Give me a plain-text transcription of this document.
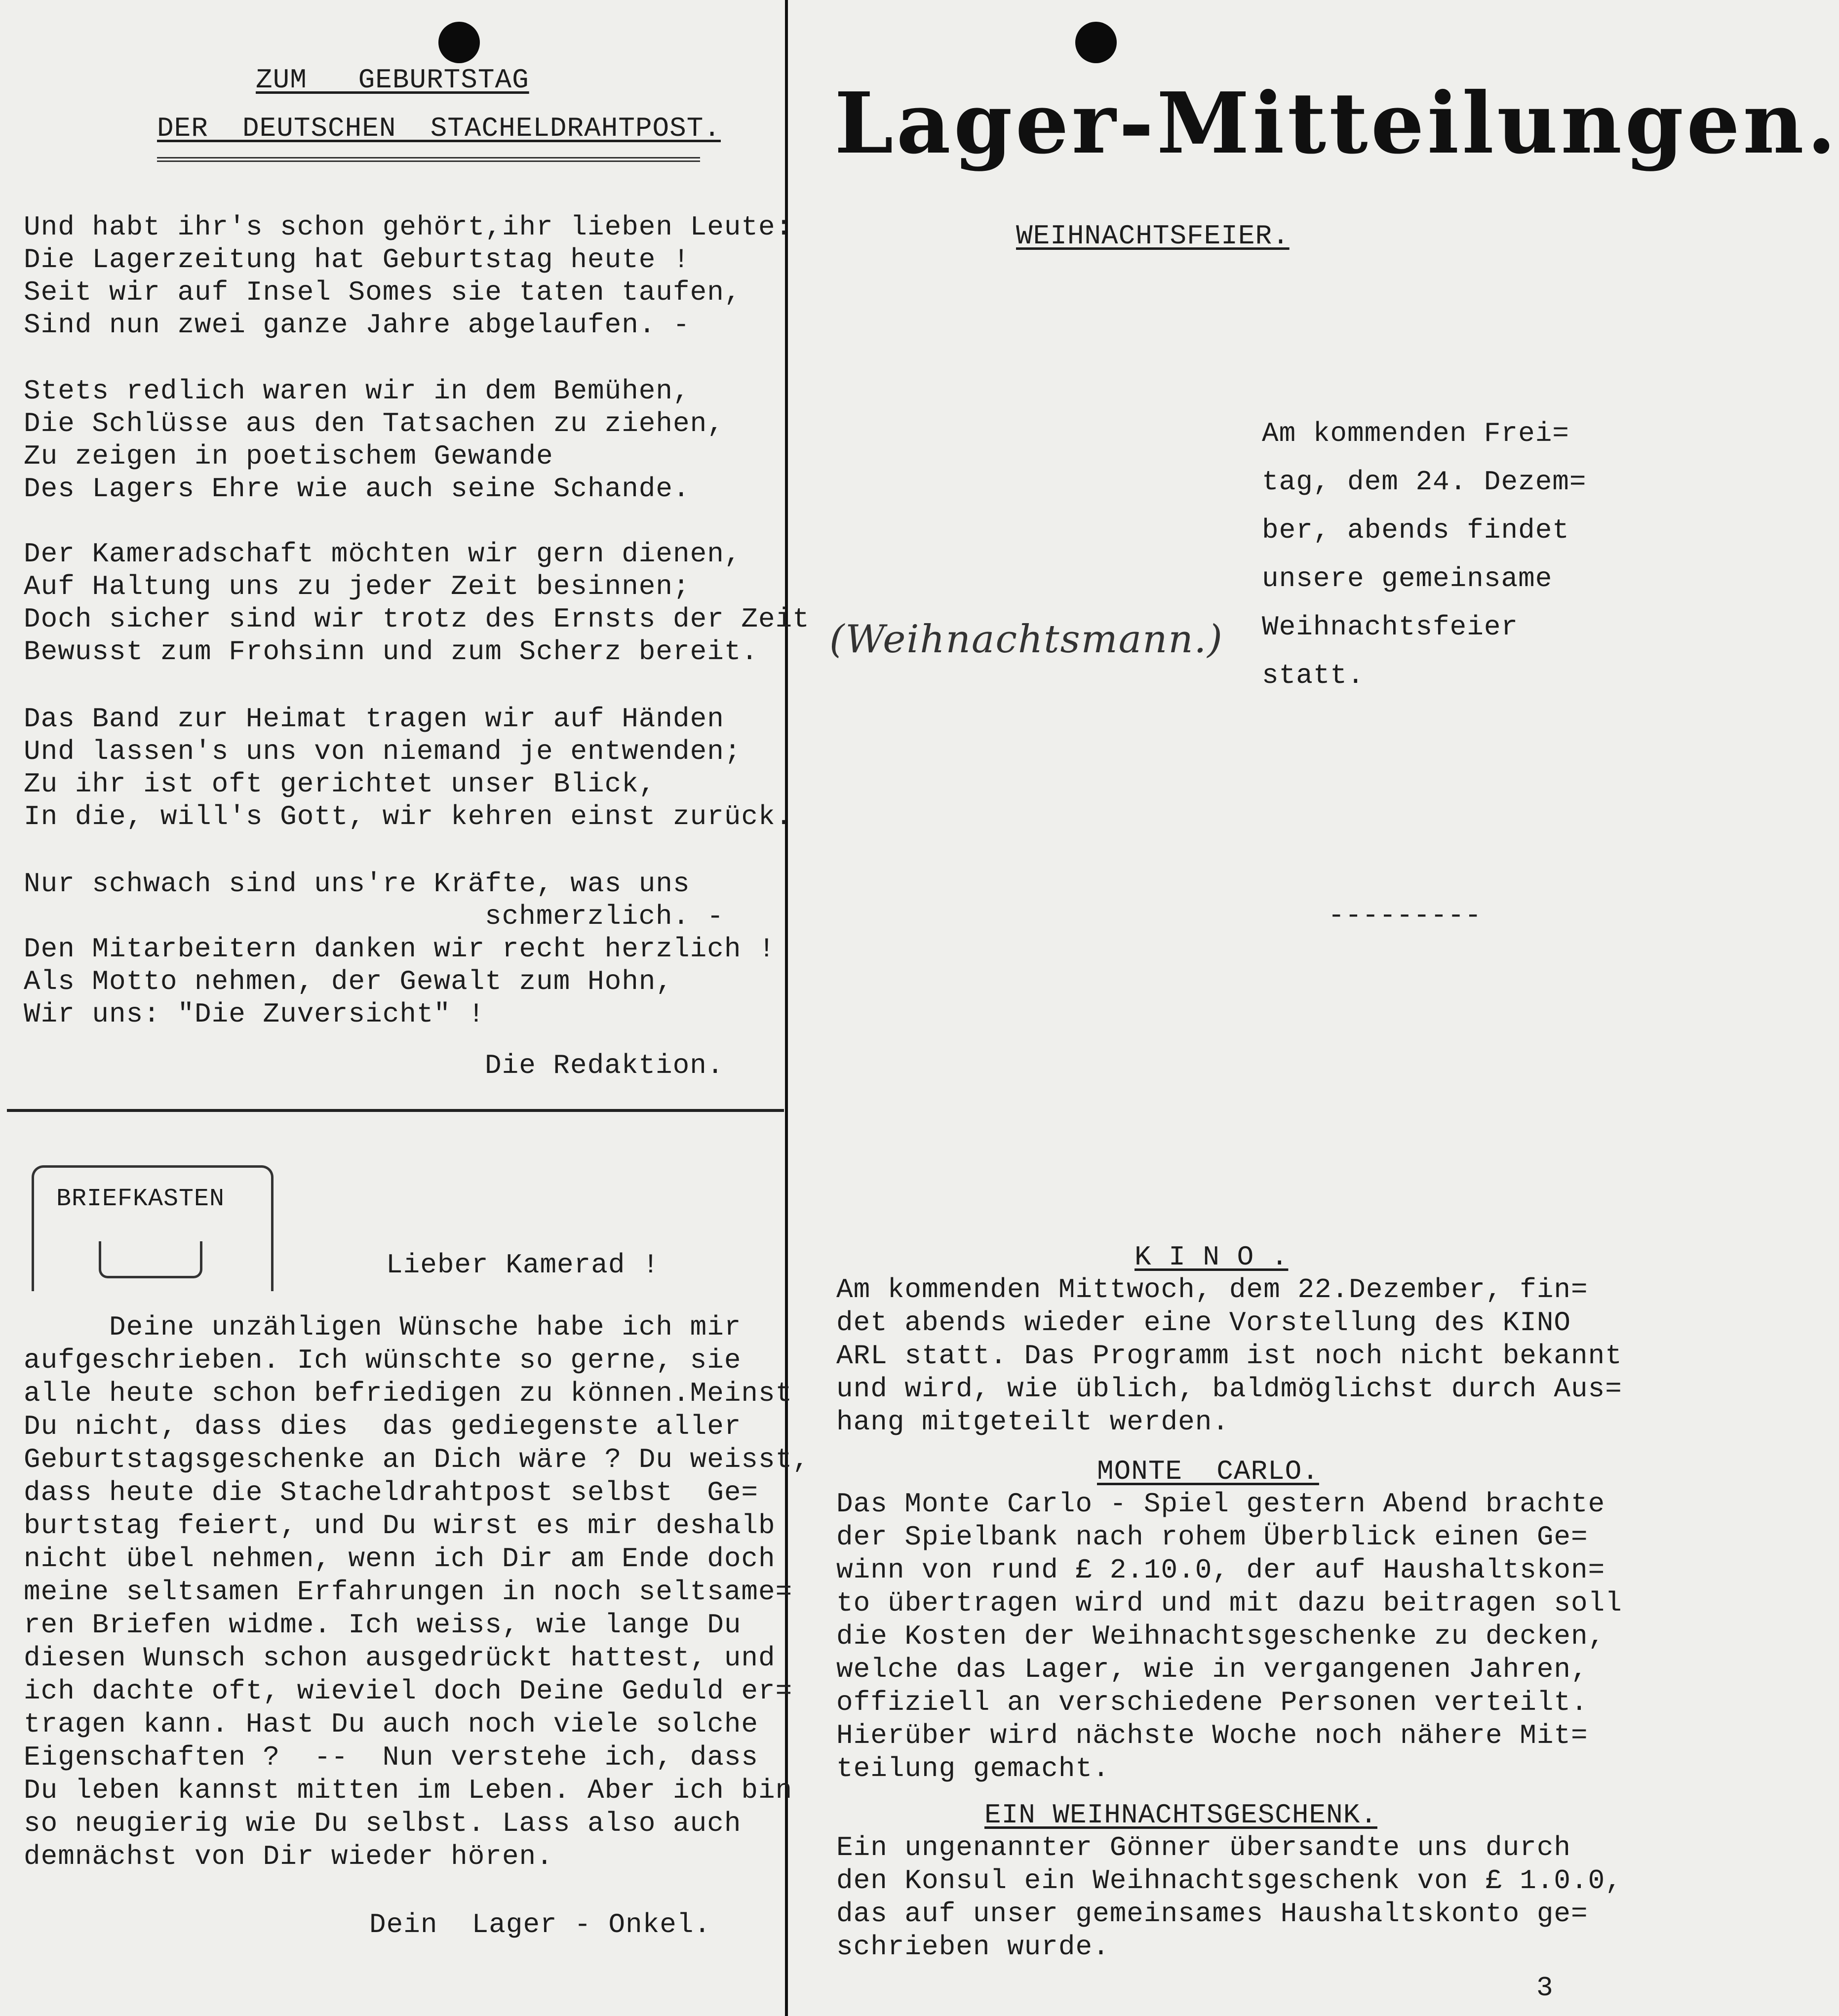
ZUM   GEBURTSTAG
DER  DEUTSCHEN  STACHELDRAHTPOST.
Und habt ihr's schon gehört,ihr lieben Leute:
Die Lagerzeitung hat Geburtstag heute !
Seit wir auf Insel Somes sie taten taufen,
Sind nun zwei ganze Jahre abgelaufen. -
Stets redlich waren wir in dem Bemühen,
Die Schlüsse aus den Tatsachen zu ziehen,
Zu zeigen in poetischem Gewande
Des Lagers Ehre wie auch seine Schande.
Der Kameradschaft möchten wir gern dienen,
Auf Haltung uns zu jeder Zeit besinnen;
Doch sicher sind wir trotz des Ernsts der Zeit
Bewusst zum Frohsinn und zum Scherz bereit.
Das Band zur Heimat tragen wir auf Händen
Und lassen's uns von niemand je entwenden;
Zu ihr ist oft gerichtet unser Blick,
In die, will's Gott, wir kehren einst zurück.
Nur schwach sind uns're Kräfte, was uns
schmerzlich. -
Den Mitarbeitern danken wir recht herzlich !
Als Motto nehmen, der Gewalt zum Hohn,
Wir uns: "Die Zuversicht" !
Die Redaktion.
BRIEFKASTEN
Lieber Kamerad !
Deine unzähligen Wünsche habe ich mir
aufgeschrieben. Ich wünschte so gerne, sie
alle heute schon befriedigen zu können.Meinst
Du nicht, dass dies  das gediegenste aller
Geburtstagsgeschenke an Dich wäre ? Du weisst,
dass heute die Stacheldrahtpost selbst  Ge=
burtstag feiert, und Du wirst es mir deshalb
nicht übel nehmen, wenn ich Dir am Ende doch
meine seltsamen Erfahrungen in noch seltsame=
ren Briefen widme. Ich weiss, wie lange Du
diesen Wunsch schon ausgedrückt hattest, und
ich dachte oft, wieviel doch Deine Geduld er=
tragen kann. Hast Du auch noch viele solche
Eigenschaften ?  --  Nun verstehe ich, dass
Du leben kannst mitten im Leben. Aber ich bin
so neugierig wie Du selbst. Lass also auch
demnächst von Dir wieder hören.
Dein  Lager - Onkel.
Lager-Mitteilungen.
WEIHNACHTSFEIER.
Am kommenden Frei=
tag, dem 24. Dezem=
ber, abends findet
unsere gemeinsame
Weihnachtsfeier
statt.
(Weihnachtsmann.)
---------
K I N O .
Am kommenden Mittwoch, dem 22.Dezember, fin=
det abends wieder eine Vorstellung des KINO
ARL statt. Das Programm ist noch nicht bekannt
und wird, wie üblich, baldmöglichst durch Aus=
hang mitgeteilt werden.
MONTE  CARLO.
Das Monte Carlo - Spiel gestern Abend brachte
der Spielbank nach rohem Überblick einen Ge=
winn von rund £ 2.10.0, der auf Haushaltskon=
to übertragen wird und mit dazu beitragen soll
die Kosten der Weihnachtsgeschenke zu decken,
welche das Lager, wie in vergangenen Jahren,
offiziell an verschiedene Personen verteilt.
Hierüber wird nächste Woche noch nähere Mit=
teilung gemacht.
EIN WEIHNACHTSGESCHENK.
Ein ungenannter Gönner übersandte uns durch
den Konsul ein Weihnachtsgeschenk von £ 1.0.0,
das auf unser gemeinsames Haushaltskonto ge=
schrieben wurde.
3
